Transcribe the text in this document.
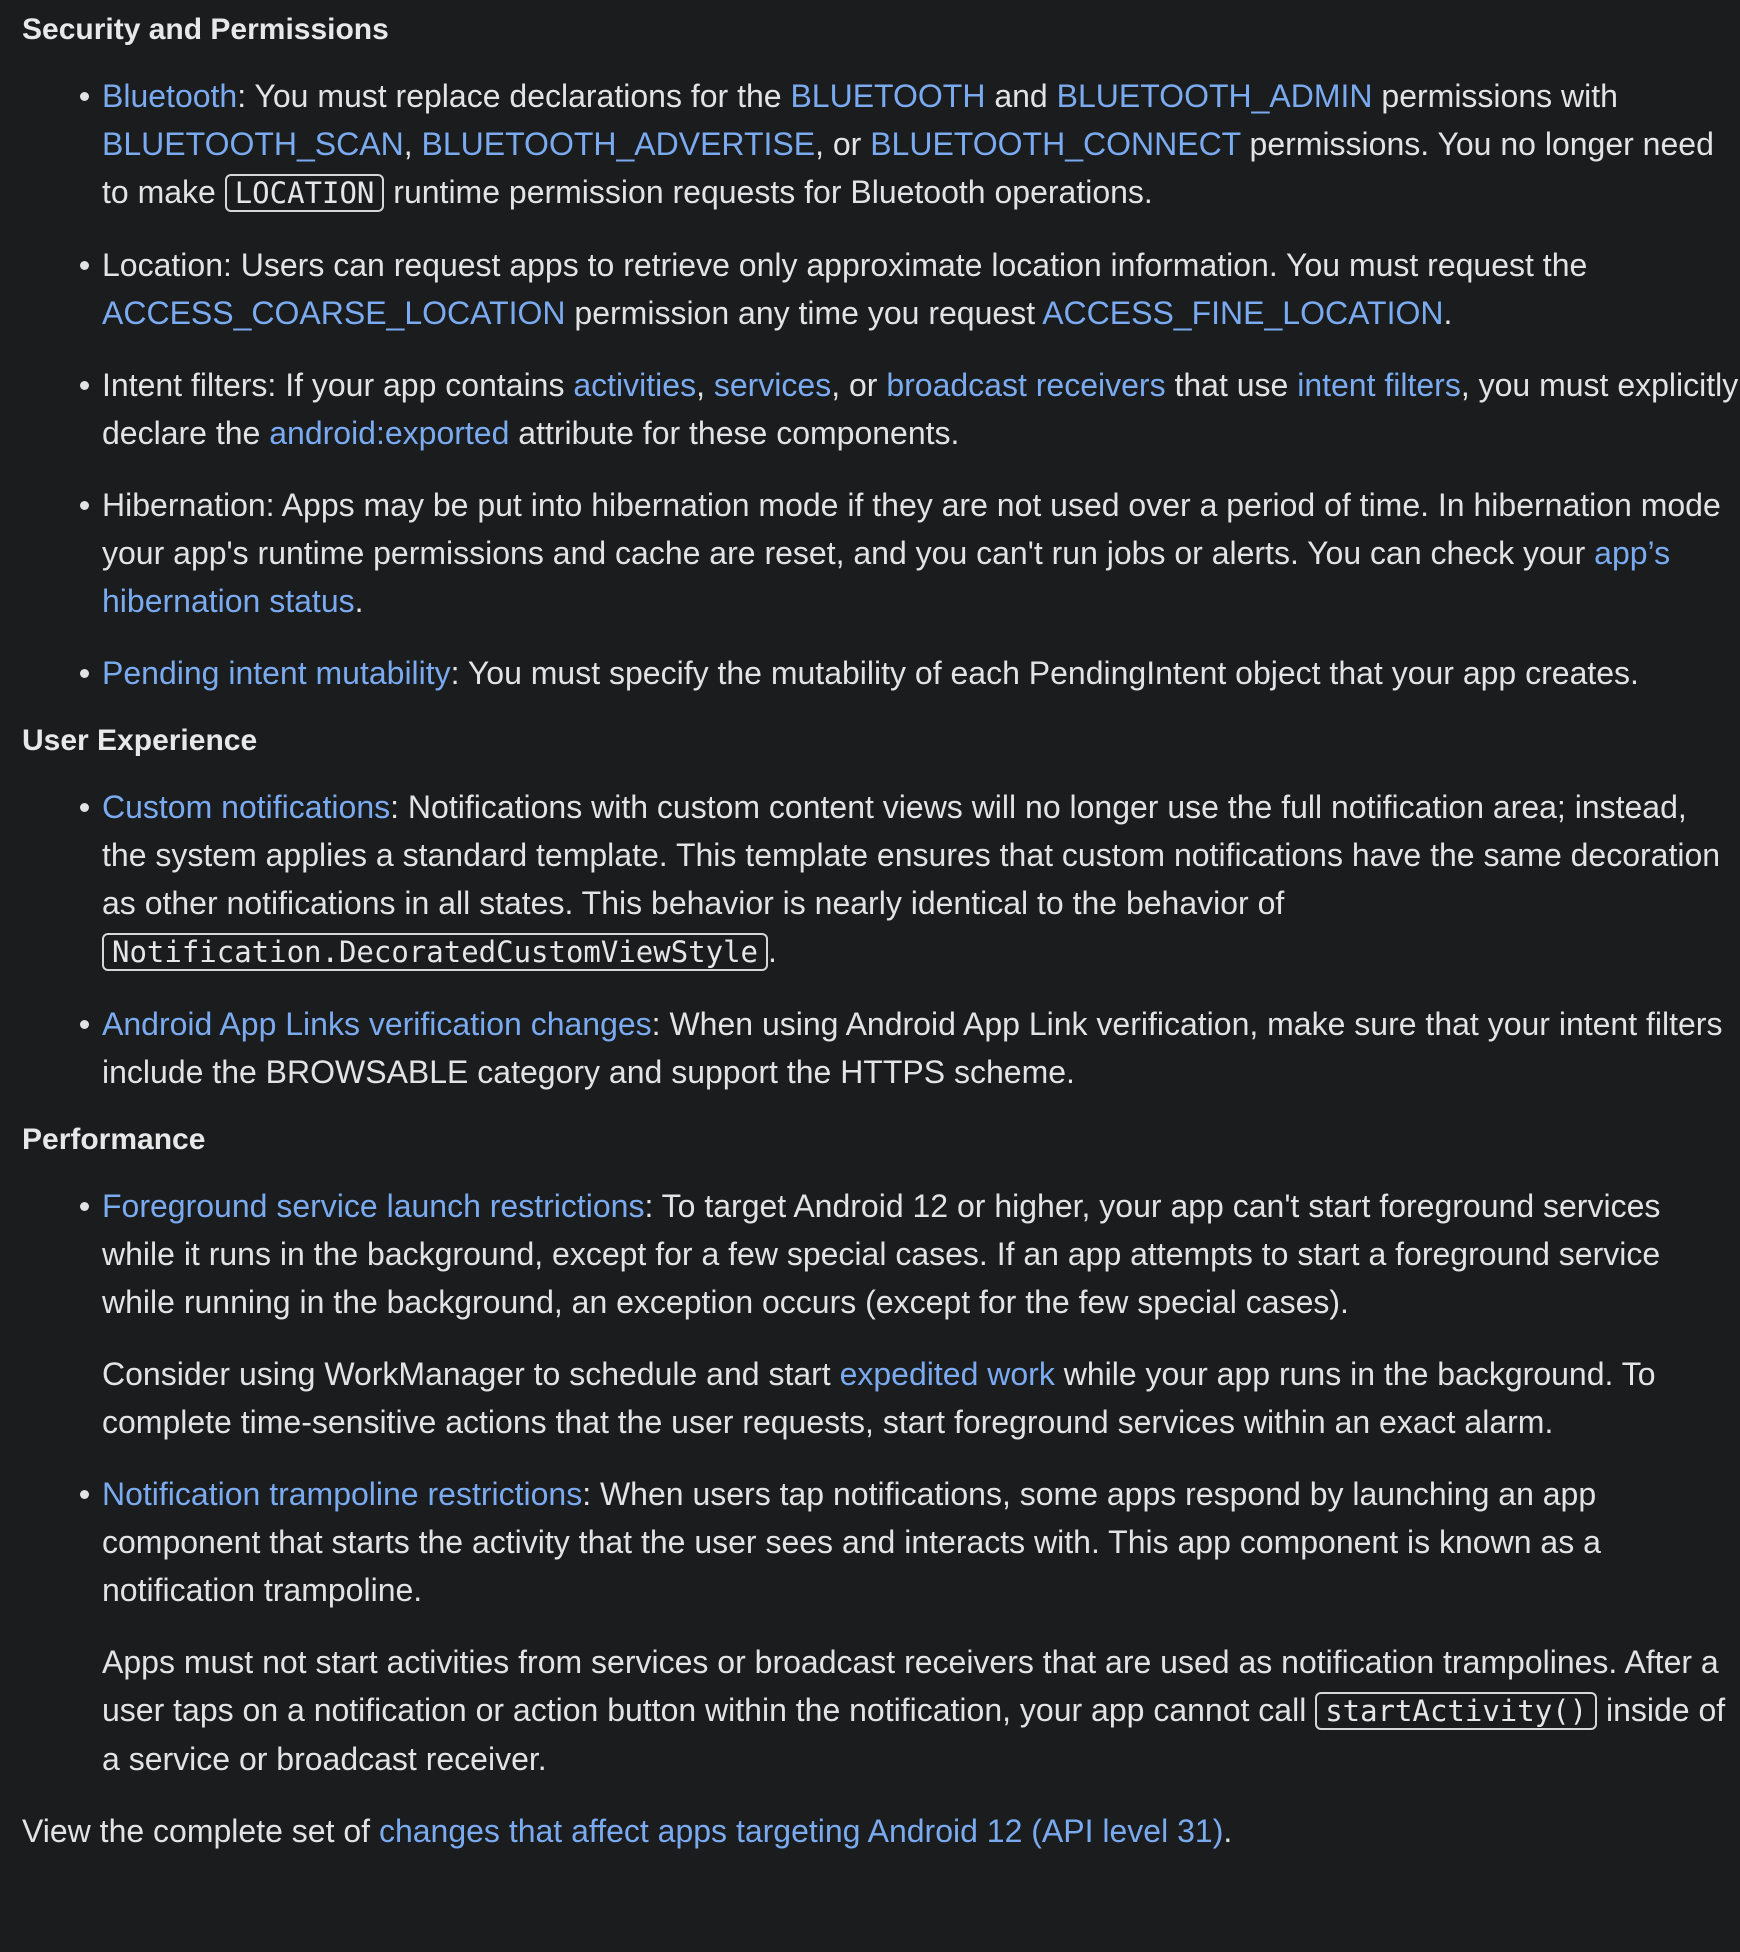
Security and Permissions
Bluetooth: You must replace declarations for the BLUETOOTH and BLUETOOTH_ADMIN permissions with BLUETOOTH_SCAN, BLUETOOTH_ADVERTISE, or BLUETOOTH_CONNECT permissions. You no longer need to make LOCATION runtime permission requests for Bluetooth operations.
Location: Users can request apps to retrieve only approximate location information. You must request the ACCESS_COARSE_LOCATION permission any time you request ACCESS_FINE_LOCATION.
Intent filters: If your app contains activities, services, or broadcast receivers that use intent filters, you must explicitly declare the android:exported attribute for these components.
Hibernation: Apps may be put into hibernation mode if they are not used over a period of time. In hibernation mode your app's runtime permissions and cache are reset, and you can't run jobs or alerts. You can check your app’s hibernation status.
Pending intent mutability: You must specify the mutability of each PendingIntent object that your app creates.
User Experience
Custom notifications: Notifications with custom content views will no longer use the full notification area; instead, the system applies a standard template. This template ensures that custom notifications have the same decoration as other notifications in all states. This behavior is nearly identical to the behavior of Notification.DecoratedCustomViewStyle .
Android App Links verification changes: When using Android App Link verification, make sure that your intent filters include the BROWSABLE category and support the HTTPS scheme.
Performance
Foreground service launch restrictions: To target Android 12 or higher, your app can't start foreground services while it runs in the background, except for a few special cases. If an app attempts to start a foreground service while running in the background, an exception occurs (except for the few special cases).

Consider using WorkManager to schedule and start expedited work while your app runs in the background. To complete time-sensitive actions that the user requests, start foreground services within an exact alarm.

Notification trampoline restrictions: When users tap notifications, some apps respond by launching an app component that starts the activity that the user sees and interacts with. This app component is known as a notification trampoline.

Apps must not start activities from services or broadcast receivers that are used as notification trampolines. After a user taps on a notification or action button within the notification, your app cannot call startActivity() inside of a service or broadcast receiver.

View the complete set of changes that affect apps targeting Android 12 (API level 31).
